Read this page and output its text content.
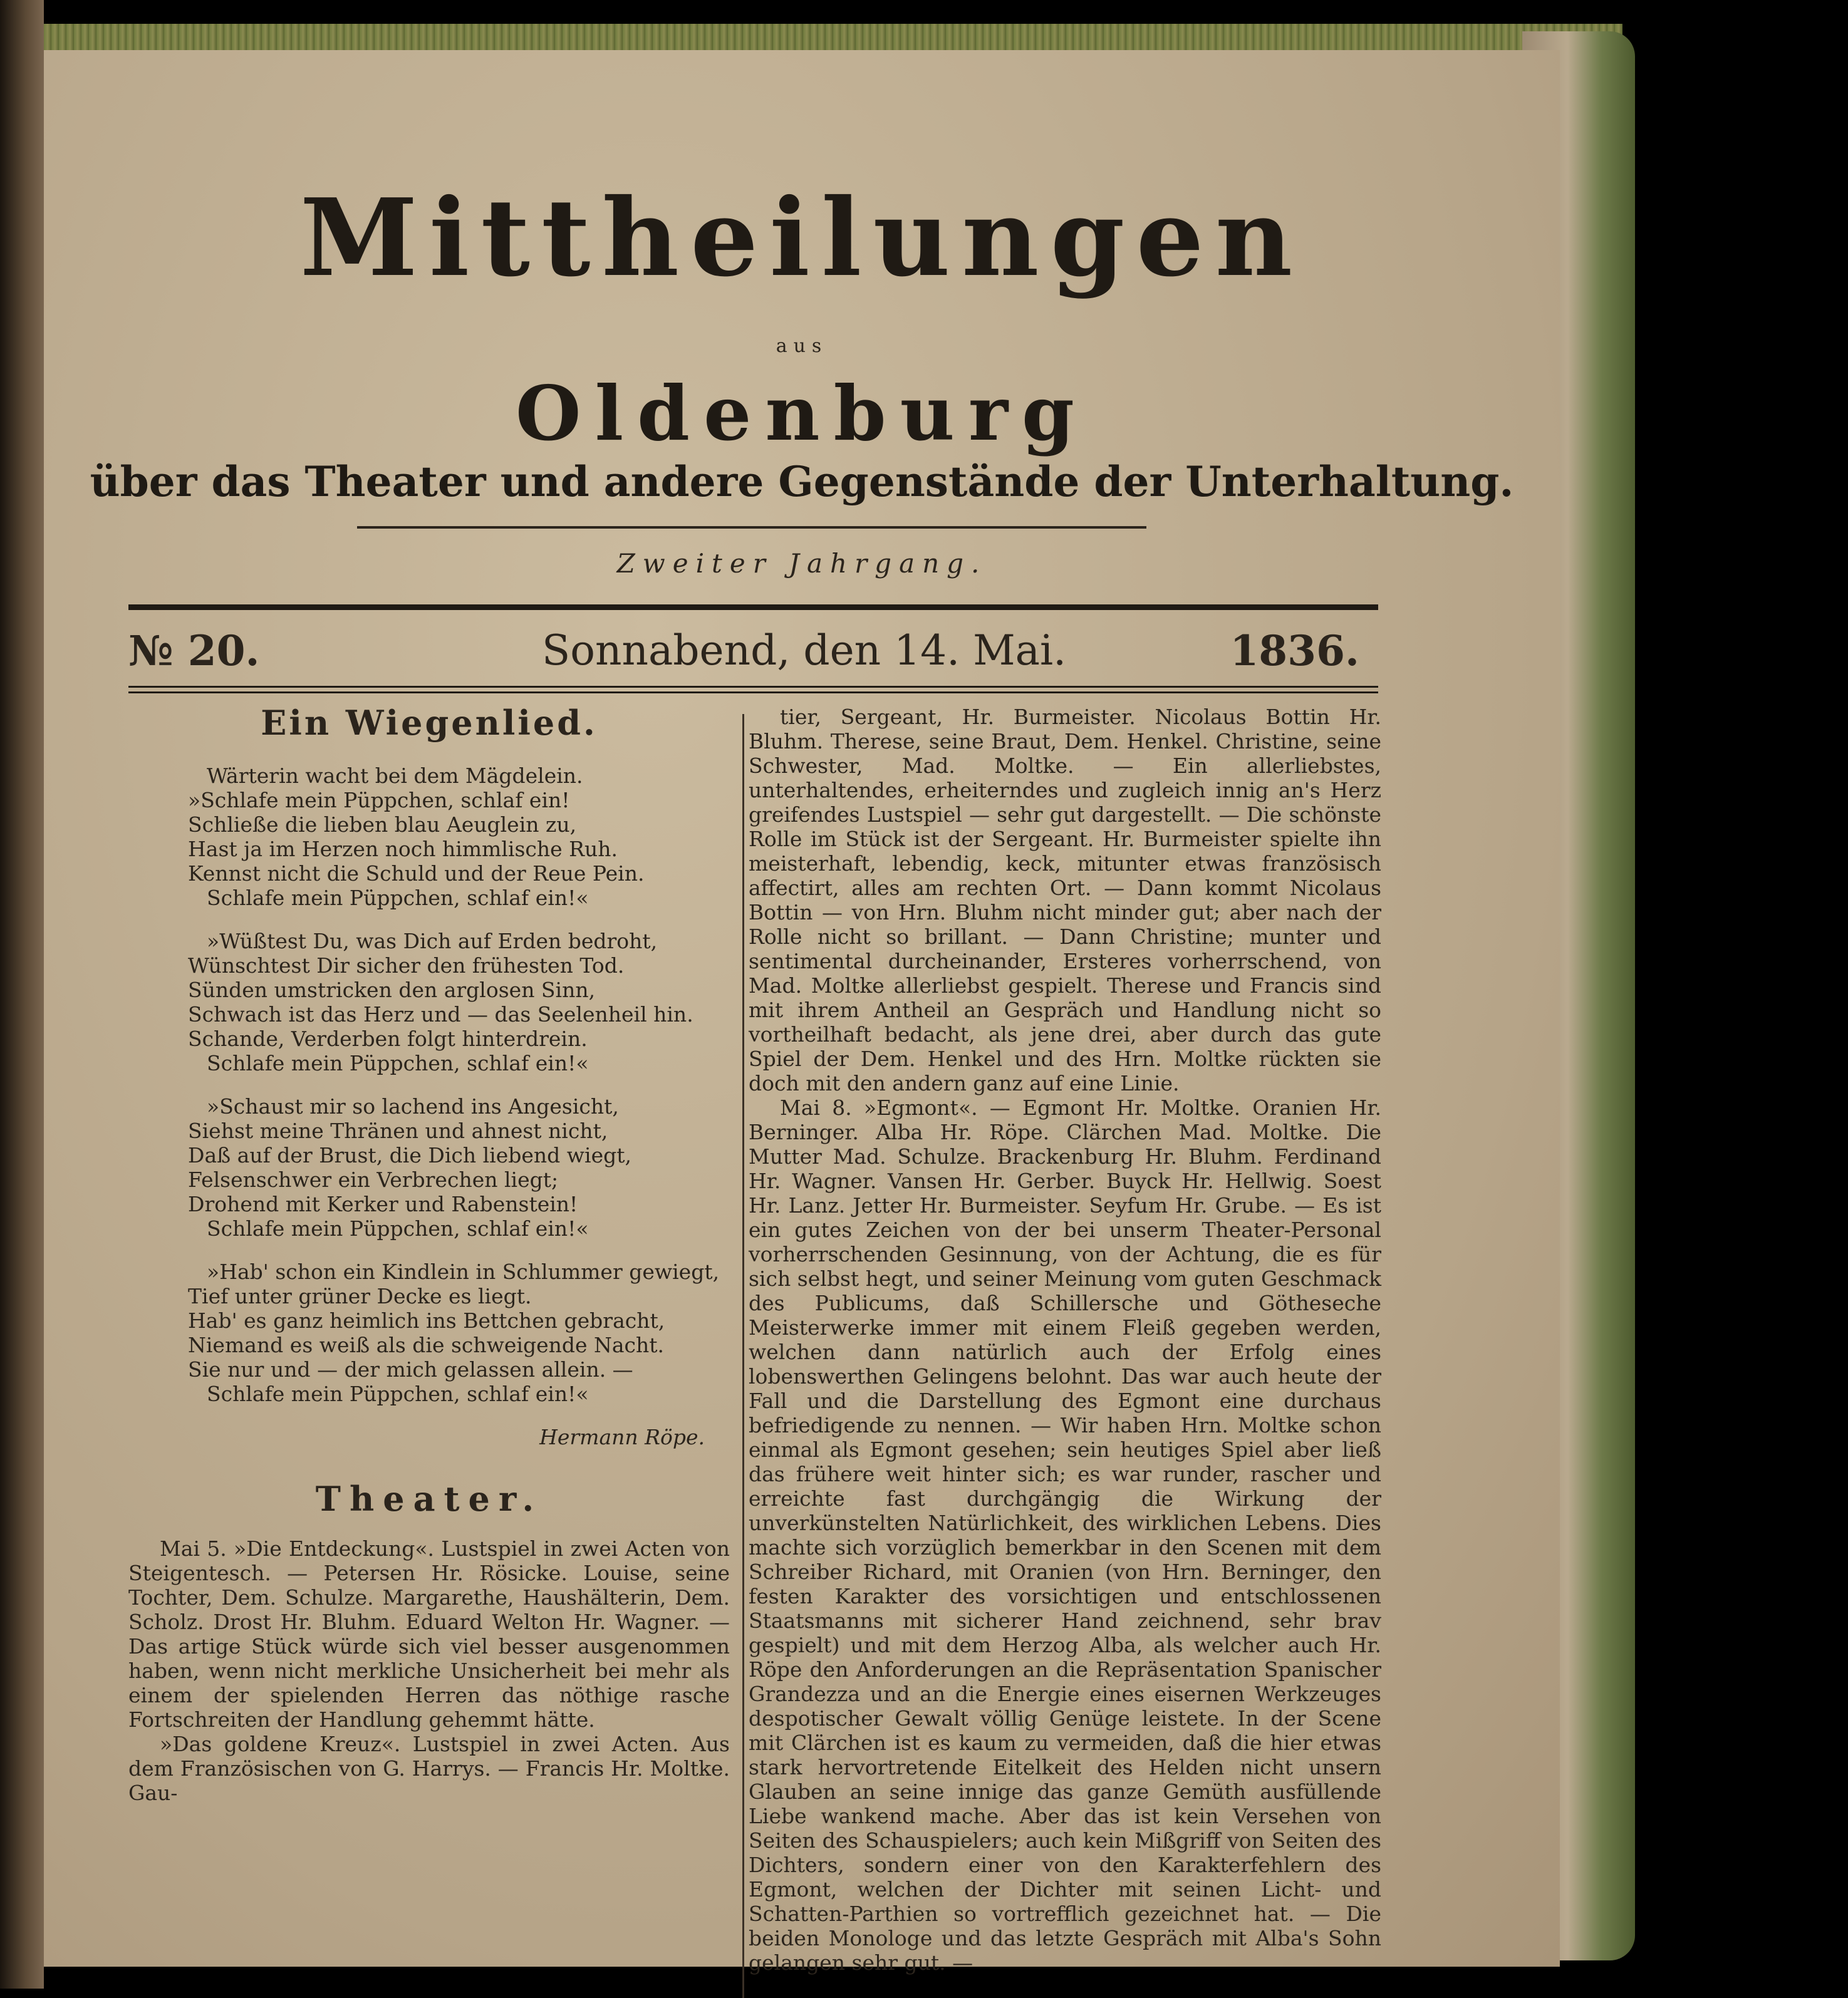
Mittheilungen
aus
Oldenburg
über das Theater und andere Gegenstände der Unterhaltung.
Zweiter Jahrgang.
№ 20.	Sonnabend, den 14. Mai.	1836.
Ein Wiegenlied.
Wärterin wacht bei dem Mägdelein.
»Schlafe mein Püppchen, schlaf ein!
Schließe die lieben blau Aeuglein zu,
Hast ja im Herzen noch himmlische Ruh.
Kennst nicht die Schuld und der Reue Pein.
Schlafe mein Püppchen, schlaf ein!«
»Wüßtest Du, was Dich auf Erden bedroht,
Wünschtest Dir sicher den frühesten Tod.
Sünden umstricken den arglosen Sinn,
Schwach ist das Herz und — das Seelenheil hin.
Schande, Verderben folgt hinterdrein.
Schlafe mein Püppchen, schlaf ein!«
»Schaust mir so lachend ins Angesicht,
Siehst meine Thränen und ahnest nicht,
Daß auf der Brust, die Dich liebend wiegt,
Felsenschwer ein Verbrechen liegt;
Drohend mit Kerker und Rabenstein!
Schlafe mein Püppchen, schlaf ein!«
»Hab' schon ein Kindlein in Schlummer gewiegt,
Tief unter grüner Decke es liegt.
Hab' es ganz heimlich ins Bettchen gebracht,
Niemand es weiß als die schweigende Nacht.
Sie nur und — der mich gelassen allein. —
Schlafe mein Püppchen, schlaf ein!«
Hermann Röpe.
Theater.

Mai 5. »Die Entdeckung«. Lustspiel in zwei Acten von Steigentesch. — Petersen Hr. Rösicke. Louise, seine Tochter, Dem. Schulze. Margarethe, Haushälterin, Dem. Scholz. Drost Hr. Bluhm. Eduard Welton Hr. Wagner. — Das artige Stück würde sich viel besser ausgenommen haben, wenn nicht merkliche Unsicherheit bei mehr als einem der spielenden Herren das nöthige rasche Fortschreiten der Handlung gehemmt hätte.

»Das goldene Kreuz«. Lustspiel in zwei Acten. Aus dem Französischen von G. Harrys. — Francis Hr. Moltke. Gau-

tier, Sergeant, Hr. Burmeister. Nicolaus Bottin Hr. Bluhm. Therese, seine Braut, Dem. Henkel. Christine, seine Schwester, Mad. Moltke. — Ein allerliebstes, unterhaltendes, erheiterndes und zugleich innig an's Herz greifendes Lustspiel — sehr gut dargestellt. — Die schönste Rolle im Stück ist der Sergeant. Hr. Burmeister spielte ihn meisterhaft, lebendig, keck, mitunter etwas französisch affectirt, alles am rechten Ort. — Dann kommt Nicolaus Bottin — von Hrn. Bluhm nicht minder gut; aber nach der Rolle nicht so brillant. — Dann Christine; munter und sentimental durcheinander, Ersteres vorherrschend, von Mad. Moltke allerliebst gespielt. Therese und Francis sind mit ihrem Antheil an Gespräch und Handlung nicht so vortheilhaft bedacht, als jene drei, aber durch das gute Spiel der Dem. Henkel und des Hrn. Moltke rückten sie doch mit den andern ganz auf eine Linie.

Mai 8. »Egmont«. — Egmont Hr. Moltke. Oranien Hr. Berninger. Alba Hr. Röpe. Clärchen Mad. Moltke. Die Mutter Mad. Schulze. Brackenburg Hr. Bluhm. Ferdinand Hr. Wagner. Vansen Hr. Gerber. Buyck Hr. Hellwig. Soest Hr. Lanz. Jetter Hr. Burmeister. Seyfum Hr. Grube. — Es ist ein gutes Zeichen von der bei unserm Theater-Personal vorherrschenden Gesinnung, von der Achtung, die es für sich selbst hegt, und seiner Meinung vom guten Geschmack des Publicums, daß Schillersche und Götheseche Meisterwerke immer mit einem Fleiß gegeben werden, welchen dann natürlich auch der Erfolg eines lobenswerthen Gelingens belohnt. Das war auch heute der Fall und die Darstellung des Egmont eine durchaus befriedigende zu nennen. — Wir haben Hrn. Moltke schon einmal als Egmont gesehen; sein heutiges Spiel aber ließ das frühere weit hinter sich; es war runder, rascher und erreichte fast durchgängig die Wirkung der unverkünstelten Natürlichkeit, des wirklichen Lebens. Dies machte sich vorzüglich bemerkbar in den Scenen mit dem Schreiber Richard, mit Oranien (von Hrn. Berninger, den festen Karakter des vorsichtigen und entschlossenen Staatsmanns mit sicherer Hand zeichnend, sehr brav gespielt) und mit dem Herzog Alba, als welcher auch Hr. Röpe den Anforderungen an die Repräsentation Spanischer Grandezza und an die Energie eines eisernen Werkzeuges despotischer Gewalt völlig Genüge leistete. In der Scene mit Clärchen ist es kaum zu vermeiden, daß die hier etwas stark hervortretende Eitelkeit des Helden nicht unsern Glauben an seine innige das ganze Gemüth ausfüllende Liebe wankend mache. Aber das ist kein Versehen von Seiten des Schauspielers; auch kein Mißgriff von Seiten des Dichters, sondern einer von den Karakterfehlern des Egmont, welchen der Dichter mit seinen Licht- und Schatten-Parthien so vortrefflich gezeichnet hat. — Die beiden Monologe und das letzte Gespräch mit Alba's Sohn gelangen sehr gut. —
